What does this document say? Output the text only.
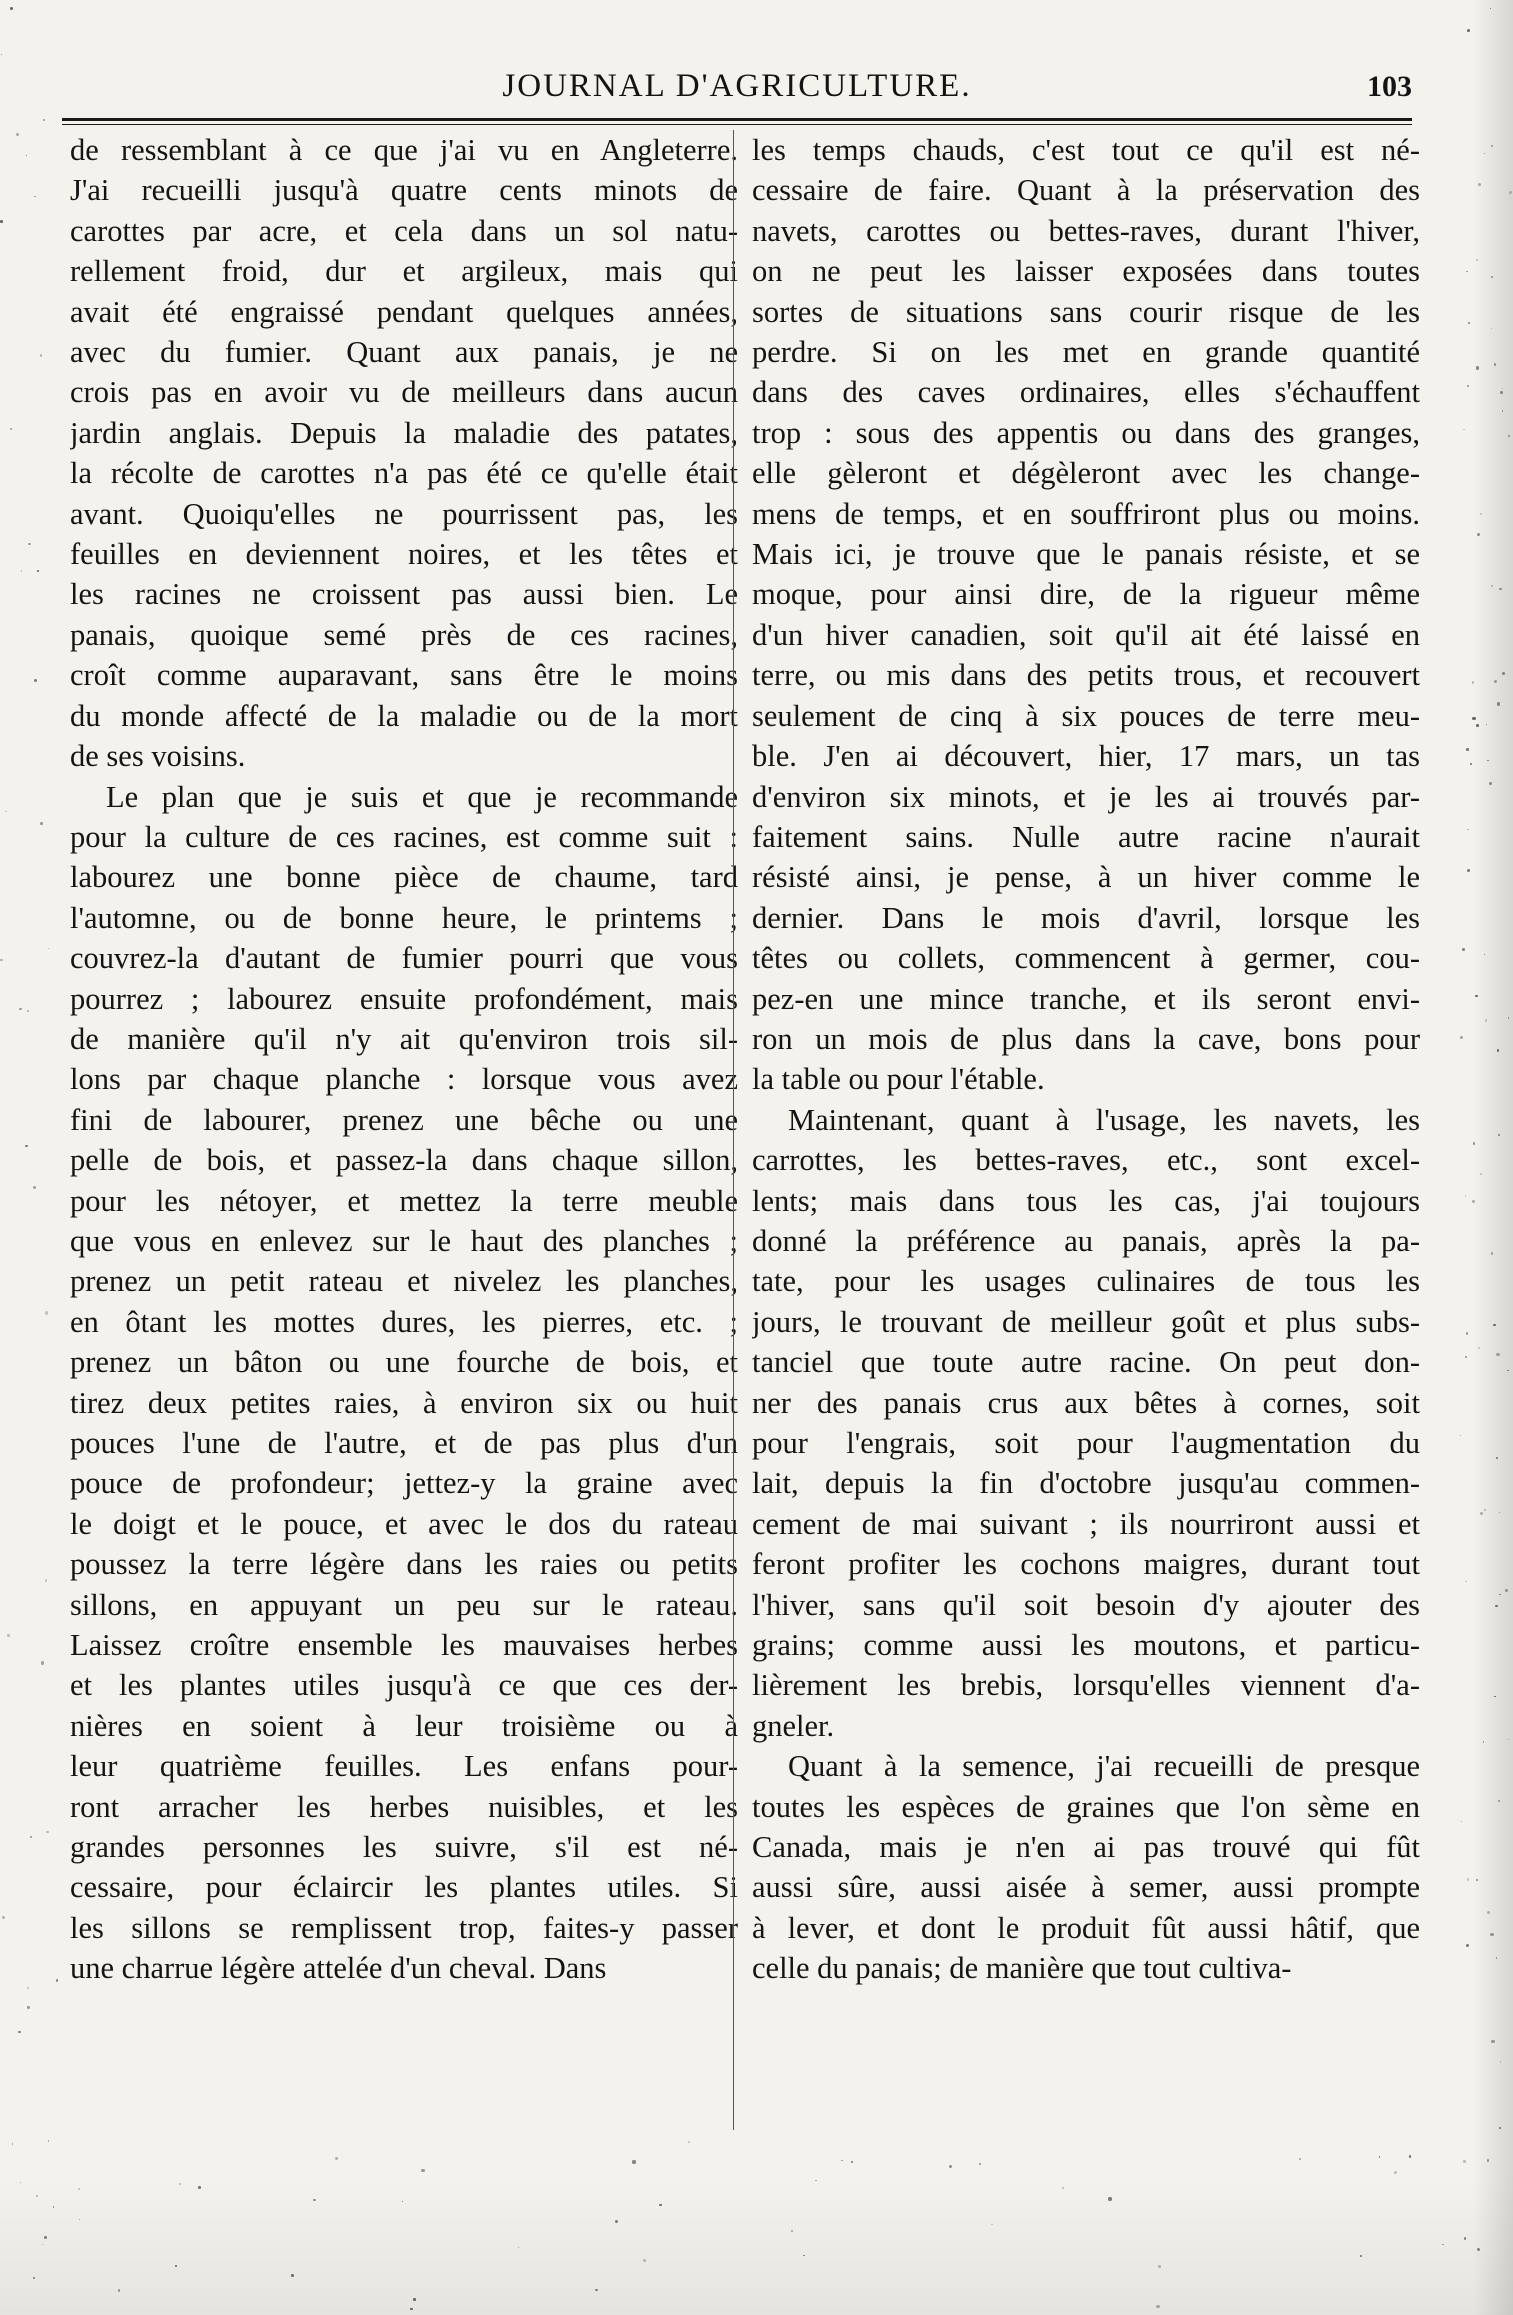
JOURNAL D'AGRICULTURE.	103

de ressemblant à ce que j'ai vu en Angleterre.
J'ai recueilli jusqu'à quatre cents minots de
carottes par acre, et cela dans un sol natu-
rellement froid, dur et argileux, mais qui
avait été engraissé pendant quelques années,
avec du fumier. Quant aux panais, je ne
crois pas en avoir vu de meilleurs dans aucun
jardin anglais. Depuis la maladie des patates,
la récolte de carottes n'a pas été ce qu'elle était
avant. Quoiqu'elles ne pourrissent pas, les
feuilles en deviennent noires, et les têtes et
les racines ne croissent pas aussi bien. Le
panais, quoique semé près de ces racines,
croît comme auparavant, sans être le moins
du monde affecté de la maladie ou de la mort
de ses voisins.

Le plan que je suis et que je recommande
pour la culture de ces racines, est comme suit :
labourez une bonne pièce de chaume, tard
l'automne, ou de bonne heure, le printems ;
couvrez-la d'autant de fumier pourri que vous
pourrez ; labourez ensuite profondément, mais
de manière qu'il n'y ait qu'environ trois sil-
lons par chaque planche : lorsque vous avez
fini de labourer, prenez une bêche ou une
pelle de bois, et passez-la dans chaque sillon,
pour les nétoyer, et mettez la terre meuble
que vous en enlevez sur le haut des planches ;
prenez un petit rateau et nivelez les planches,
en ôtant les mottes dures, les pierres, etc. ;
prenez un bâton ou une fourche de bois, et
tirez deux petites raies, à environ six ou huit
pouces l'une de l'autre, et de pas plus d'un
pouce de profondeur; jettez-y la graine avec
le doigt et le pouce, et avec le dos du rateau
poussez la terre légère dans les raies ou petits
sillons, en appuyant un peu sur le rateau.
Laissez croître ensemble les mauvaises herbes
et les plantes utiles jusqu'à ce que ces der-
nières en soient à leur troisième ou à
leur quatrième feuilles. Les enfans pour-
ront arracher les herbes nuisibles, et les
grandes personnes les suivre, s'il est né-
cessaire, pour éclaircir les plantes utiles. Si
les sillons se remplissent trop, faites-y passer
une charrue légère attelée d'un cheval. Dans

les temps chauds, c'est tout ce qu'il est né-
cessaire de faire. Quant à la préservation des
navets, carottes ou bettes-raves, durant l'hiver,
on ne peut les laisser exposées dans toutes
sortes de situations sans courir risque de les
perdre. Si on les met en grande quantité
dans des caves ordinaires, elles s'échauffent
trop : sous des appentis ou dans des granges,
elle gèleront et dégèleront avec les change-
mens de temps, et en souffriront plus ou moins.
Mais ici, je trouve que le panais résiste, et se
moque, pour ainsi dire, de la rigueur même
d'un hiver canadien, soit qu'il ait été laissé en
terre, ou mis dans des petits trous, et recouvert
seulement de cinq à six pouces de terre meu-
ble. J'en ai découvert, hier, 17 mars, un tas
d'environ six minots, et je les ai trouvés par-
faitement sains. Nulle autre racine n'aurait
résisté ainsi, je pense, à un hiver comme le
dernier. Dans le mois d'avril, lorsque les
têtes ou collets, commencent à germer, cou-
pez-en une mince tranche, et ils seront envi-
ron un mois de plus dans la cave, bons pour
la table ou pour l'étable.

Maintenant, quant à l'usage, les navets, les
carrottes, les bettes-raves, etc., sont excel-
lents; mais dans tous les cas, j'ai toujours
donné la préférence au panais, après la pa-
tate, pour les usages culinaires de tous les
jours, le trouvant de meilleur goût et plus subs-
tanciel que toute autre racine. On peut don-
ner des panais crus aux bêtes à cornes, soit
pour l'engrais, soit pour l'augmentation du
lait, depuis la fin d'octobre jusqu'au commen-
cement de mai suivant ; ils nourriront aussi et
feront profiter les cochons maigres, durant tout
l'hiver, sans qu'il soit besoin d'y ajouter des
grains; comme aussi les moutons, et particu-
lièrement les brebis, lorsqu'elles viennent d'a-
gneler.

Quant à la semence, j'ai recueilli de presque
toutes les espèces de graines que l'on sème en
Canada, mais je n'en ai pas trouvé qui fût
aussi sûre, aussi aisée à semer, aussi prompte
à lever, et dont le produit fût aussi hâtif, que
celle du panais; de manière que tout cultiva-
